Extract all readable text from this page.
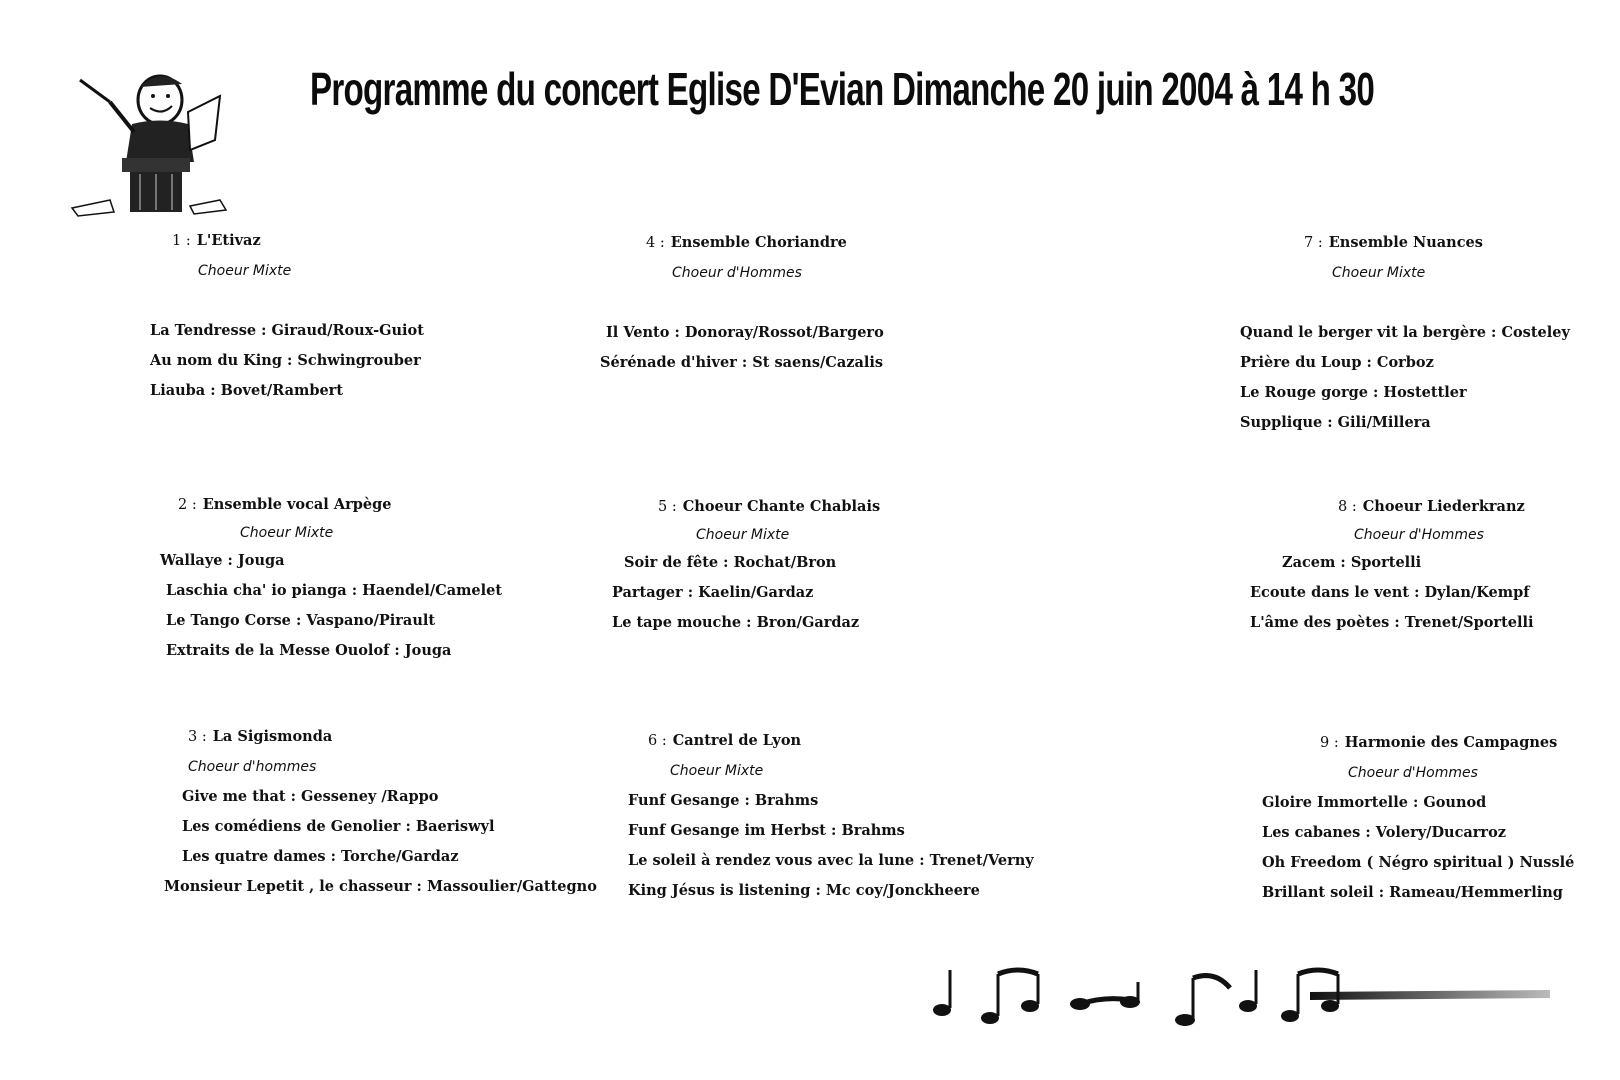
Programme du concert Eglise D'Evian Dimanche 20 juin 2004 à 14 h 30
1 : L'Etivaz
Choeur Mixte
La Tendresse : Giraud/Roux-Guiot
Au nom du King : Schwingrouber
Liauba : Bovet/Rambert
4 : Ensemble Choriandre
Choeur d'Hommes
Il Vento : Donoray/Rossot/Bargero
Sérénade d'hiver : St saens/Cazalis
7 : Ensemble Nuances
Choeur Mixte
Quand le berger vit la bergère : Costeley
Prière du Loup : Corboz
Le Rouge gorge : Hostettler
Supplique : Gili/Millera
2 : Ensemble vocal Arpège
Choeur Mixte
Wallaye : Jouga
Laschia cha' io pianga : Haendel/Camelet
Le Tango Corse : Vaspano/Pirault
Extraits de la Messe Ouolof : Jouga
5 : Choeur Chante Chablais
Choeur Mixte
Soir de fête : Rochat/Bron
Partager : Kaelin/Gardaz
Le tape mouche : Bron/Gardaz
8 : Choeur Liederkranz
Choeur d'Hommes
Zacem : Sportelli
Ecoute dans le vent : Dylan/Kempf
L'âme des poètes : Trenet/Sportelli
3 : La Sigismonda
Choeur d'hommes
Give me that : Gesseney /Rappo
Les comédiens de Genolier : Baeriswyl
Les quatre dames : Torche/Gardaz
Monsieur Lepetit , le chasseur : Massoulier/Gattegno
6 : Cantrel de Lyon
Choeur Mixte
Funf Gesange : Brahms
Funf Gesange im Herbst : Brahms
Le soleil à rendez vous avec la lune : Trenet/Verny
King Jésus is listening : Mc coy/Jonckheere
9 : Harmonie des Campagnes
Choeur d'Hommes
Gloire Immortelle : Gounod
Les cabanes : Volery/Ducarroz
Oh Freedom ( Négro spiritual ) Nusslé
Brillant soleil : Rameau/Hemmerling
